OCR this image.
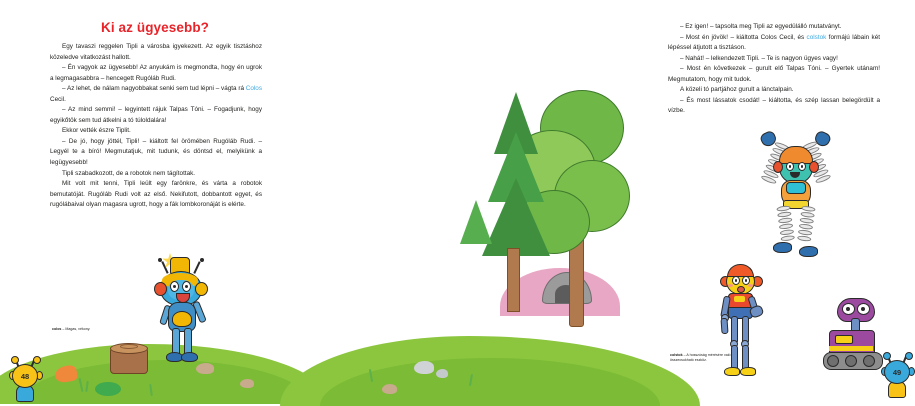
Ki az ügyesebb?

Egy tavaszi reggelen Tipli a városba igyekezett. Az egyik tisztáshoz közeledve vitatkozást hallott.

– Én vagyok az ügyesebb! Az anyukám is megmondta, hogy én ugrok a legmagasabbra – hencegett Rugóláb Rudi.

– Az lehet, de nálam nagyobbakat senki sem tud lépni – vágta rá Colos Cecil.

– Az mind semmi! – legyintett rájuk Talpas Tóni. – Fogadjunk, hogy egyikőtök sem tud átkelni a tó túloldalára!

Ekkor vették észre Tiplit.

– De jó, hogy jöttél, Tipli! – kiáltott fel örömében Rugóláb Rudi. – Legyél te a bíró! Megmutatjuk, mit tudunk, és döntsd el, melyikünk a legügyesebb!

Tipli szabadkozott, de a robotok nem tágítottak.

Mit volt mit tenni, Tipli leült egy farönkre, és várta a robotok bemutatóját. Rugóláb Rudi volt az első. Nekifutott, dobbantott egyet, és rugólábaival olyan magasra ugrott, hogy a fák lombkoronáját is elérte.

colos – Magas, vékony.
48

– Ez igen! – tapsolta meg Tipli az egyedülálló mutatványt.

– Most én jövök! – kiáltotta Colos Cecil, és colstok formájú lábain két lépéssel átjutott a tisztáson.

– Nahát! – lelkendezett Tipli. – Te is nagyon ügyes vagy!

– Most én következek – gurult elő Talpas Tóni. – Gyertek utánam! Megmutatom, hogy mit tudok.

A közeli tó partjához gurult a lánctalpain.

– És most lássatok csodát! – kiáltotta, és szép lassan belegördült a vízbe.

colstok – A hosszúság mérésére való összecsukható eszköz.
49
